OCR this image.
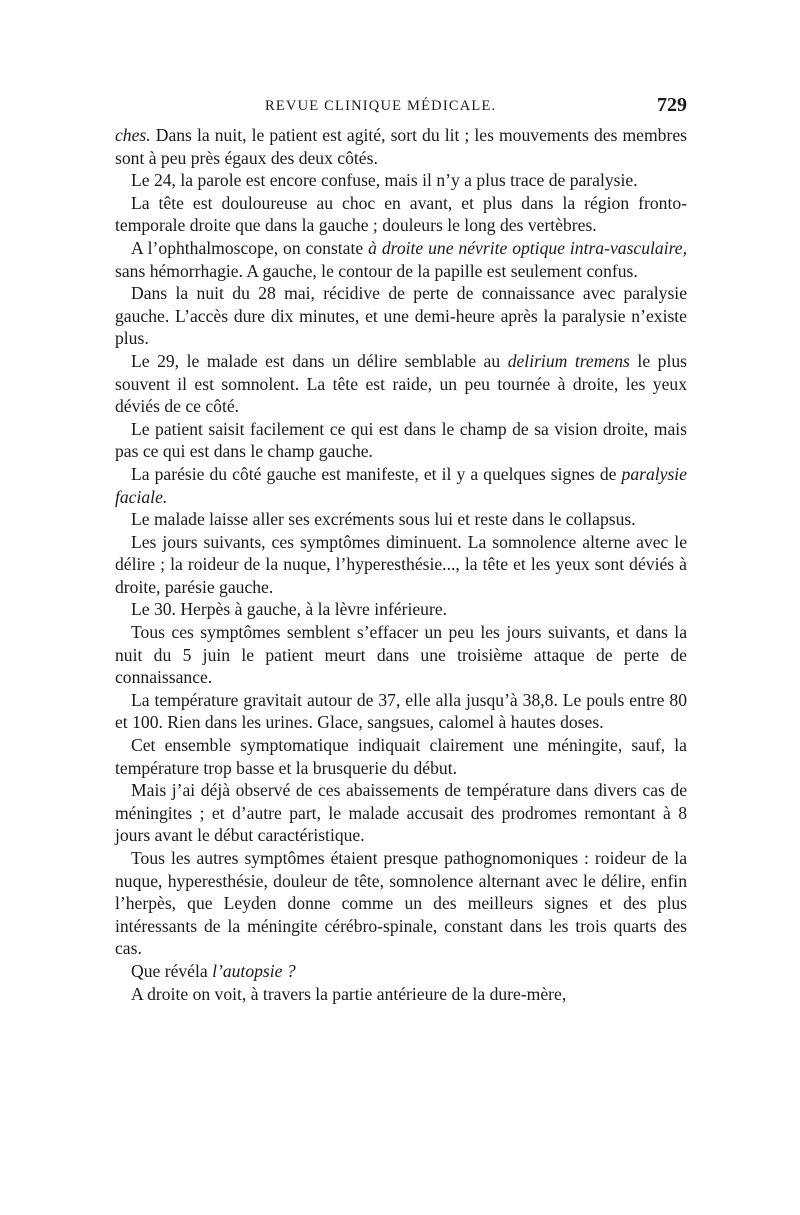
REVUE CLINIQUE MÉDICALE.	729

ches. Dans la nuit, le patient est agité, sort du lit ; les mouvements des membres sont à peu près égaux des deux côtés.

Le 24, la parole est encore confuse, mais il n’y a plus trace de paralysie.

La tête est douloureuse au choc en avant, et plus dans la région fronto-temporale droite que dans la gauche ; douleurs le long des vertèbres.

A l’ophthalmoscope, on constate à droite une névrite optique intra-vasculaire, sans hémorrhagie. A gauche, le contour de la papille est seulement confus.

Dans la nuit du 28 mai, récidive de perte de connaissance avec paralysie gauche. L’accès dure dix minutes, et une demi-heure après la paralysie n’existe plus.

Le 29, le malade est dans un délire semblable au delirium tremens le plus souvent il est somnolent. La tête est raide, un peu tournée à droite, les yeux déviés de ce côté.

Le patient saisit facilement ce qui est dans le champ de sa vision droite, mais pas ce qui est dans le champ gauche.

La parésie du côté gauche est manifeste, et il y a quelques signes de paralysie faciale.

Le malade laisse aller ses excréments sous lui et reste dans le collapsus.

Les jours suivants, ces symptômes diminuent. La somnolence alterne avec le délire ; la roideur de la nuque, l’hyperesthésie..., la tête et les yeux sont déviés à droite, parésie gauche.

Le 30. Herpès à gauche, à la lèvre inférieure.

Tous ces symptômes semblent s’effacer un peu les jours suivants, et dans la nuit du 5 juin le patient meurt dans une troisième attaque de perte de connaissance.

La température gravitait autour de 37, elle alla jusqu’à 38,8. Le pouls entre 80 et 100. Rien dans les urines. Glace, sangsues, calomel à hautes doses.

Cet ensemble symptomatique indiquait clairement une méningite, sauf, la température trop basse et la brusquerie du début.

Mais j’ai déjà observé de ces abaissements de température dans divers cas de méningites ; et d’autre part, le malade accusait des prodromes remontant à 8 jours avant le début caractéristique.

Tous les autres symptômes étaient presque pathognomoniques : roideur de la nuque, hyperesthésie, douleur de tête, somnolence alternant avec le délire, enfin l’herpès, que Leyden donne comme un des meilleurs signes et des plus intéressants de la méningite cérébro-spinale, constant dans les trois quarts des cas.

Que révéla l’autopsie ?

A droite on voit, à travers la partie antérieure de la dure-mère,
